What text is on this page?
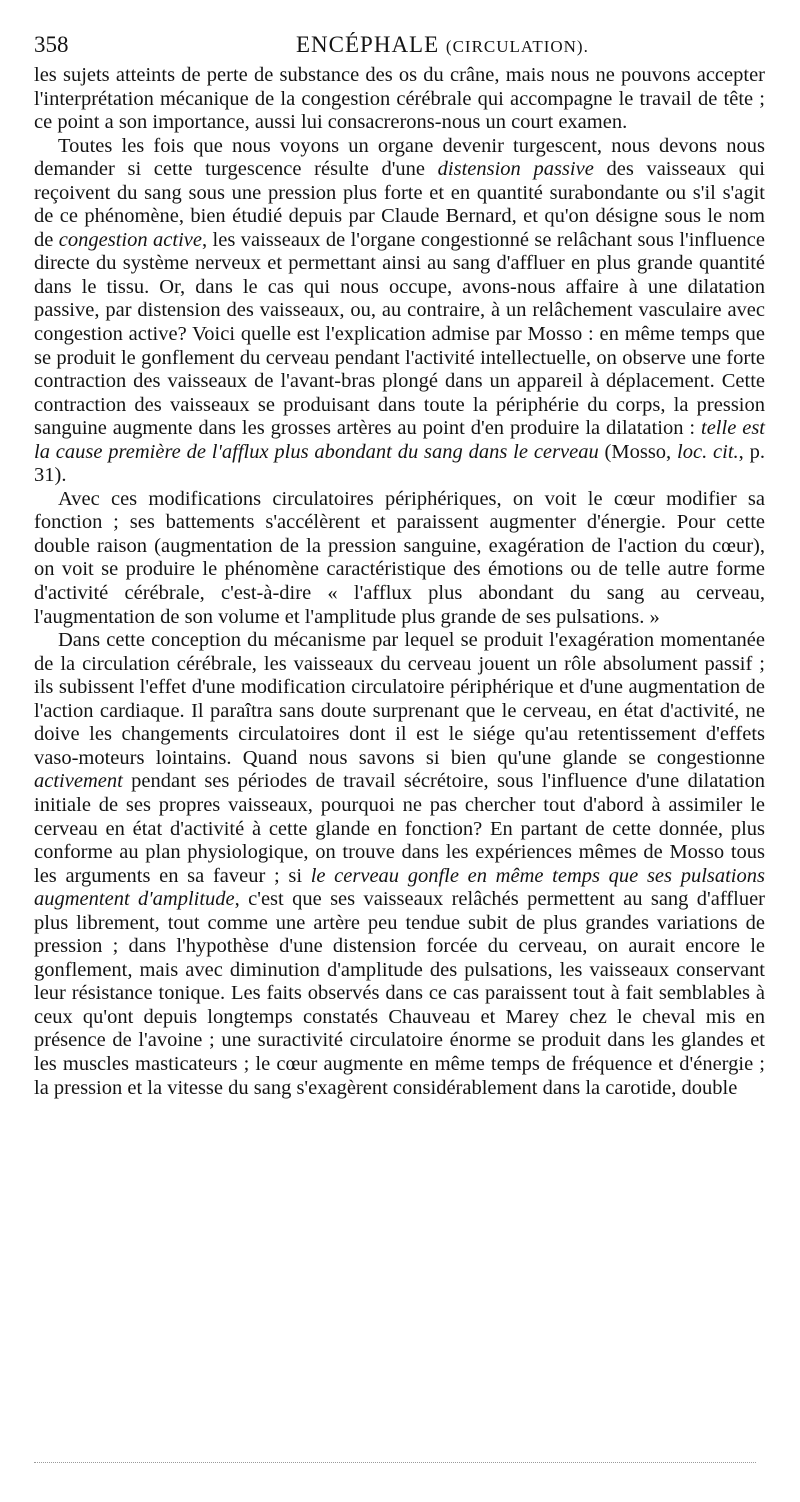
358	ENCÉPHALE (CIRCULATION).

les sujets atteints de perte de substance des os du crâne, mais nous ne pouvons accepter l'interprétation mécanique de la congestion cérébrale qui accompagne le travail de tête ; ce point a son importance, aussi lui consacrerons-nous un court examen.

Toutes les fois que nous voyons un organe devenir turgescent, nous devons nous demander si cette turgescence résulte d'une distension passive des vaisseaux qui reçoivent du sang sous une pression plus forte et en quantité surabondante ou s'il s'agit de ce phénomène, bien étudié depuis par Claude Bernard, et qu'on désigne sous le nom de congestion active, les vaisseaux de l'organe congestionné se relâchant sous l'influence directe du système nerveux et permettant ainsi au sang d'affluer en plus grande quantité dans le tissu. Or, dans le cas qui nous occupe, avons-nous affaire à une dilatation passive, par distension des vaisseaux, ou, au contraire, à un relâchement vasculaire avec congestion active? Voici quelle est l'explication admise par Mosso : en même temps que se produit le gonflement du cerveau pendant l'activité intellectuelle, on observe une forte contraction des vaisseaux de l'avant-bras plongé dans un appareil à déplacement. Cette contraction des vaisseaux se produisant dans toute la périphérie du corps, la pression sanguine augmente dans les grosses artères au point d'en produire la dilatation : telle est la cause première de l'afflux plus abondant du sang dans le cerveau (Mosso, loc. cit., p. 31).

Avec ces modifications circulatoires périphériques, on voit le cœur modifier sa fonction ; ses battements s'accélèrent et paraissent augmenter d'énergie. Pour cette double raison (augmentation de la pression sanguine, exagération de l'action du cœur), on voit se produire le phénomène caractéristique des émotions ou de telle autre forme d'activité cérébrale, c'est-à-dire « l'afflux plus abondant du sang au cerveau, l'augmentation de son volume et l'amplitude plus grande de ses pulsations. »

Dans cette conception du mécanisme par lequel se produit l'exagération momentanée de la circulation cérébrale, les vaisseaux du cerveau jouent un rôle absolument passif ; ils subissent l'effet d'une modification circulatoire périphérique et d'une augmentation de l'action cardiaque. Il paraîtra sans doute surprenant que le cerveau, en état d'activité, ne doive les changements circulatoires dont il est le siége qu'au retentissement d'effets vaso-moteurs lointains. Quand nous savons si bien qu'une glande se congestionne activement pendant ses périodes de travail sécrétoire, sous l'influence d'une dilatation initiale de ses propres vaisseaux, pourquoi ne pas chercher tout d'abord à assimiler le cerveau en état d'activité à cette glande en fonction? En partant de cette donnée, plus conforme au plan physiologique, on trouve dans les expériences mêmes de Mosso tous les arguments en sa faveur ; si le cerveau gonfle en même temps que ses pulsations augmentent d'amplitude, c'est que ses vaisseaux relâchés permettent au sang d'affluer plus librement, tout comme une artère peu tendue subit de plus grandes variations de pression ; dans l'hypothèse d'une distension forcée du cerveau, on aurait encore le gonflement, mais avec diminution d'amplitude des pulsations, les vaisseaux conservant leur résistance tonique. Les faits observés dans ce cas paraissent tout à fait semblables à ceux qu'ont depuis longtemps constatés Chauveau et Marey chez le cheval mis en présence de l'avoine ; une suractivité circulatoire énorme se produit dans les glandes et les muscles masticateurs ; le cœur augmente en même temps de fréquence et d'énergie ; la pression et la vitesse du sang s'exagèrent considérablement dans la carotide, double
